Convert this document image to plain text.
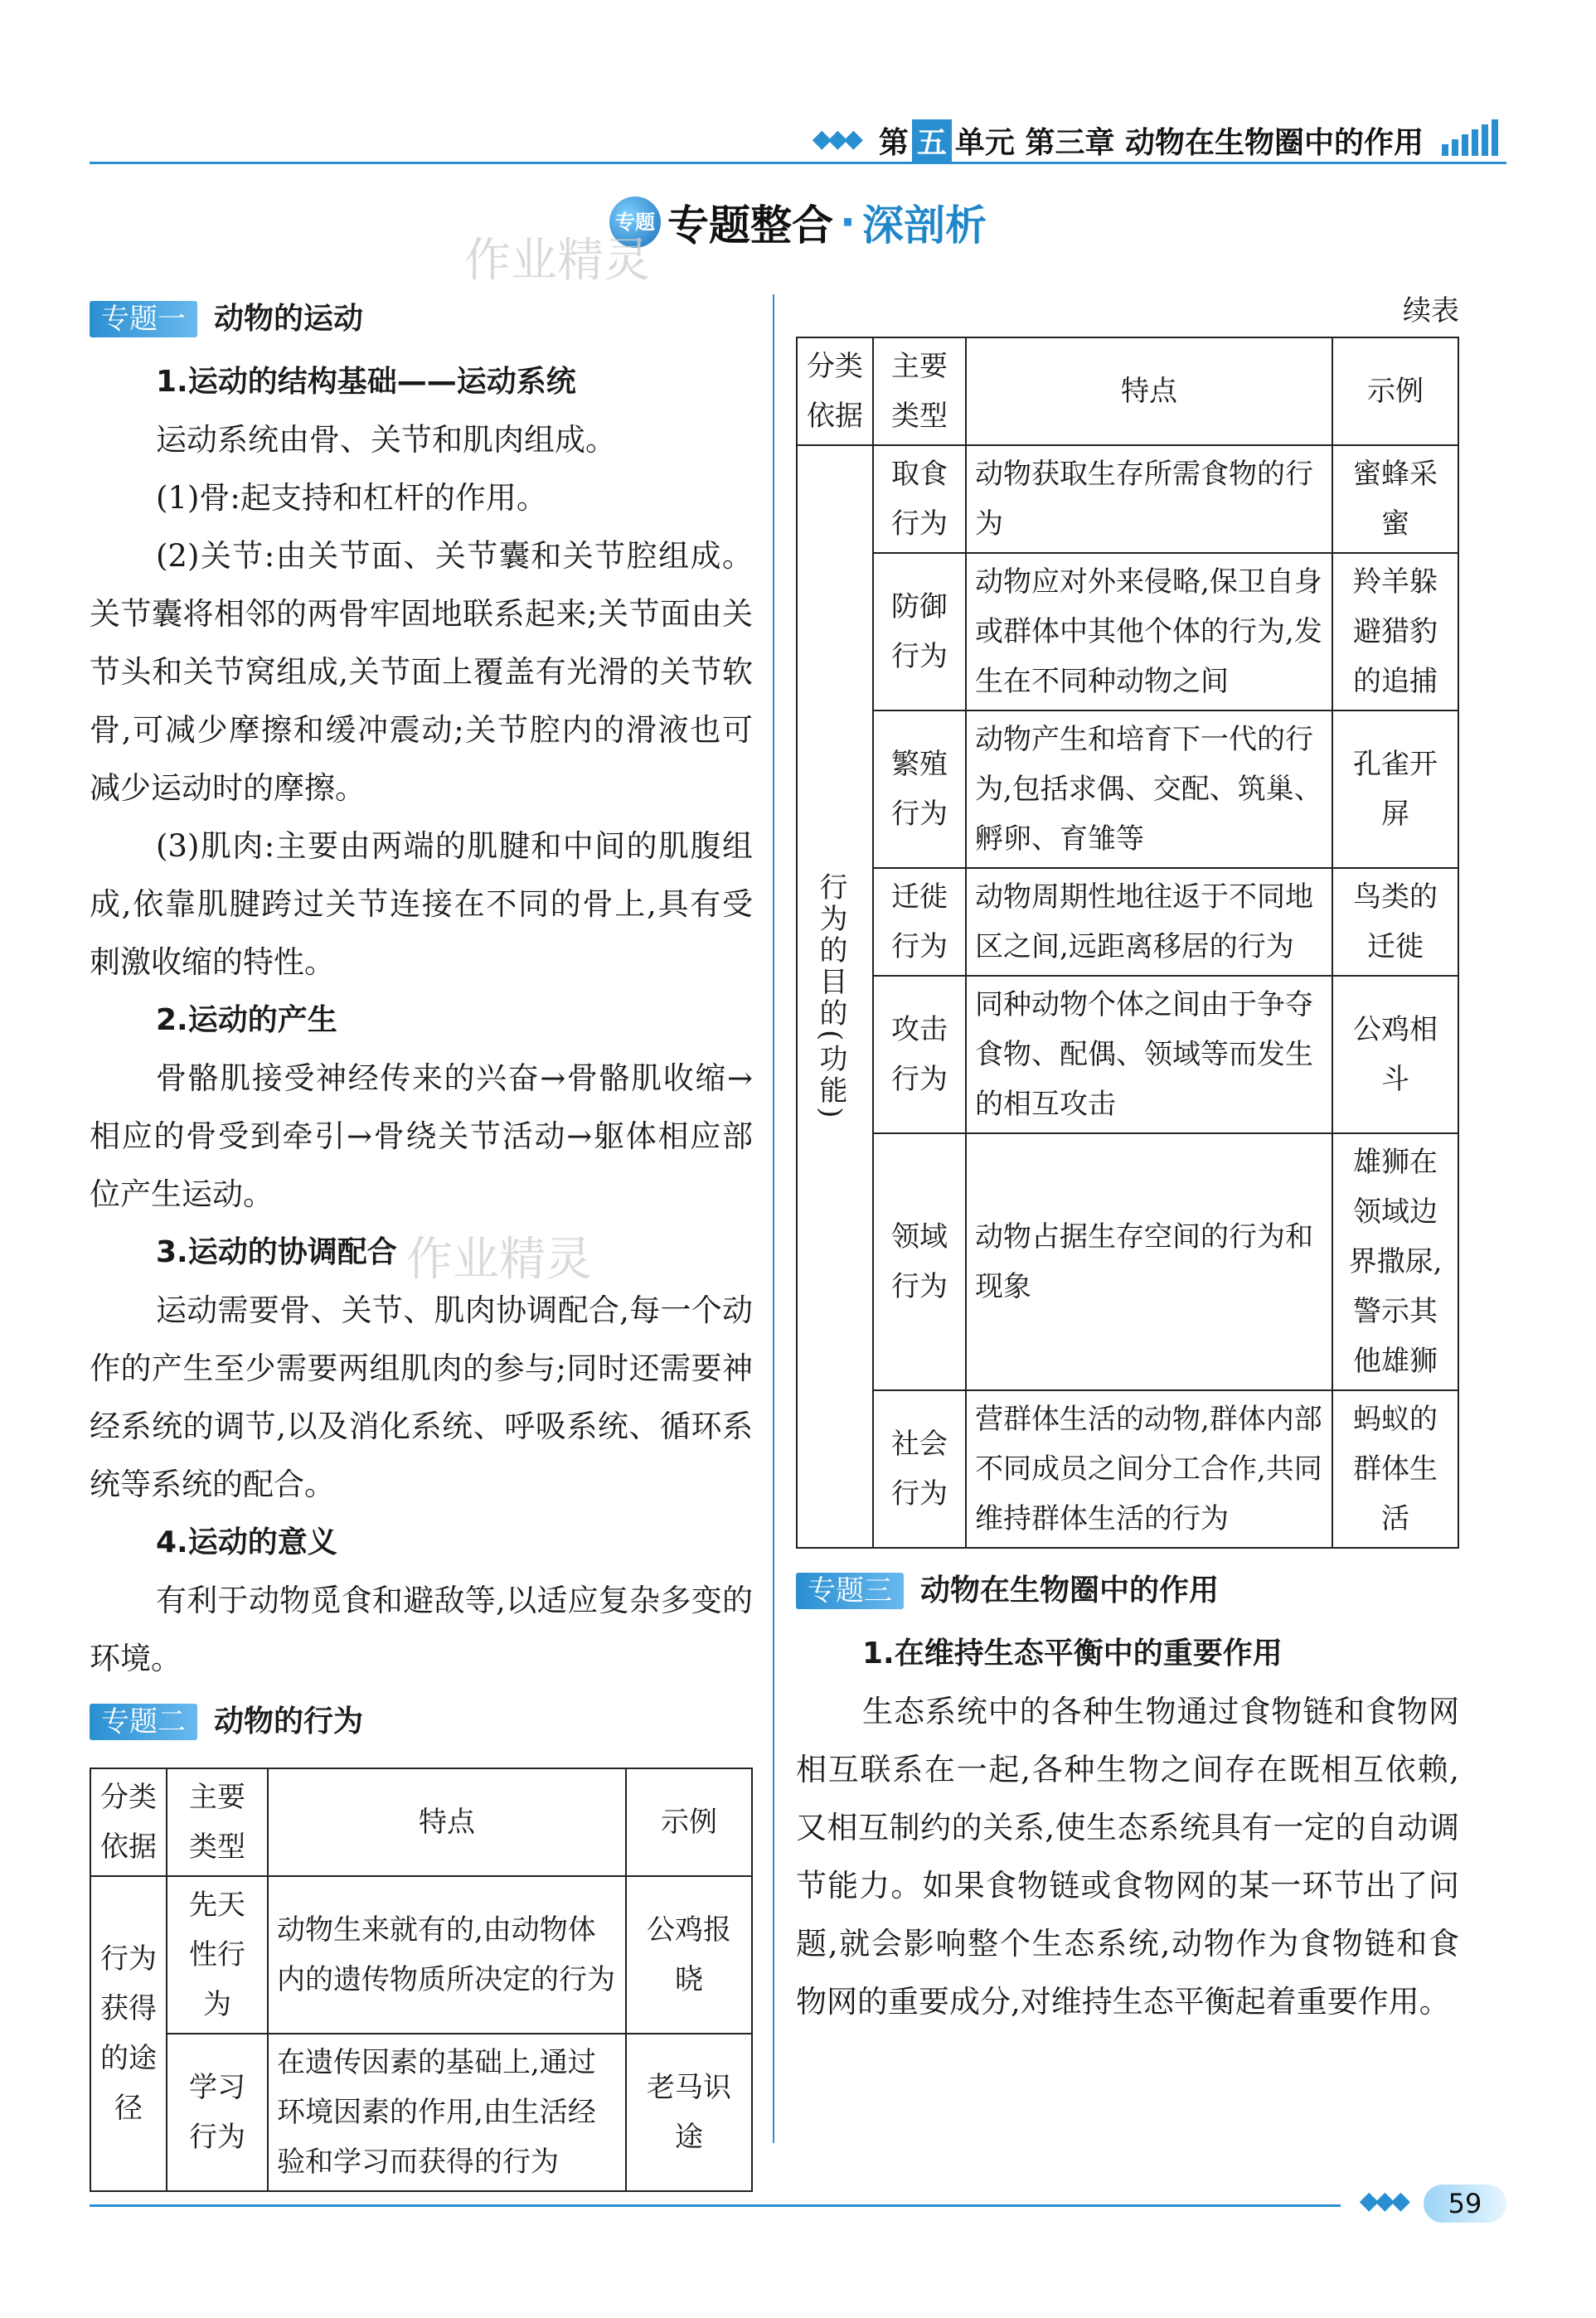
◆◆◆ 第 五 单元 第三章 动物在生物圈中的作用
专题 专题整合 · 深剖析
作业精灵
作业精灵
专题一 动物的运动

1.运动的结构基础——运动系统

运动系统由骨、关节和肌肉组成。

(1)骨:起支持和杠杆的作用。

(2)关节:由关节面、关节囊和关节腔组成。关节囊将相邻的两骨牢固地联系起来;关节面由关节头和关节窝组成,关节面上覆盖有光滑的关节软骨,可减少摩擦和缓冲震动;关节腔内的滑液也可减少运动时的摩擦。

(3)肌肉:主要由两端的肌腱和中间的肌腹组成,依靠肌腱跨过关节连接在不同的骨上,具有受刺激收缩的特性。

2.运动的产生

骨骼肌接受神经传来的兴奋→骨骼肌收缩→相应的骨受到牵引→骨绕关节活动→躯体相应部位产生运动。

3.运动的协调配合

运动需要骨、关节、肌肉协调配合,每一个动作的产生至少需要两组肌肉的参与;同时还需要神经系统的调节,以及消化系统、呼吸系统、循环系统等系统的配合。

4.运动的意义

有利于动物觅食和避敌等,以适应复杂多变的环境。

专题二 动物的行为
分类依据	主要类型	特点	示例
行为获得的途径	先天性行为	动物生来就有的,由动物体内的遗传物质所决定的行为	公鸡报晓
	学习行为	在遗传因素的基础上,通过环境因素的作用,由生活经验和学习而获得的行为	老马识途
续表
分类依据	主要类型	特点	示例

行为的目的(功能)	取食行为	动物获取生存所需食物的行为	蜜蜂采蜜
	防御行为	动物应对外来侵略,保卫自身或群体中其他个体的行为,发生在不同种动物之间	羚羊躲避猎豹的追捕
	繁殖行为	动物产生和培育下一代的行为,包括求偶、交配、筑巢、孵卵、育雏等	孔雀开屏
	迁徙行为	动物周期性地往返于不同地区之间,远距离移居的行为	鸟类的迁徙
	攻击行为	同种动物个体之间由于争夺食物、配偶、领域等而发生的相互攻击	公鸡相斗
	领域行为	动物占据生存空间的行为和现象	雄狮在领域边界撒尿,警示其他雄狮
	社会行为	营群体生活的动物,群体内部不同成员之间分工合作,共同维持群体生活的行为	蚂蚁的群体生活
专题三 动物在生物圈中的作用

1.在维持生态平衡中的重要作用

生态系统中的各种生物通过食物链和食物网相互联系在一起,各种生物之间存在既相互依赖,又相互制约的关系,使生态系统具有一定的自动调节能力。如果食物链或食物网的某一环节出了问题,就会影响整个生态系统,动物作为食物链和食物网的重要成分,对维持生态平衡起着重要作用。

◆◆◆	59
